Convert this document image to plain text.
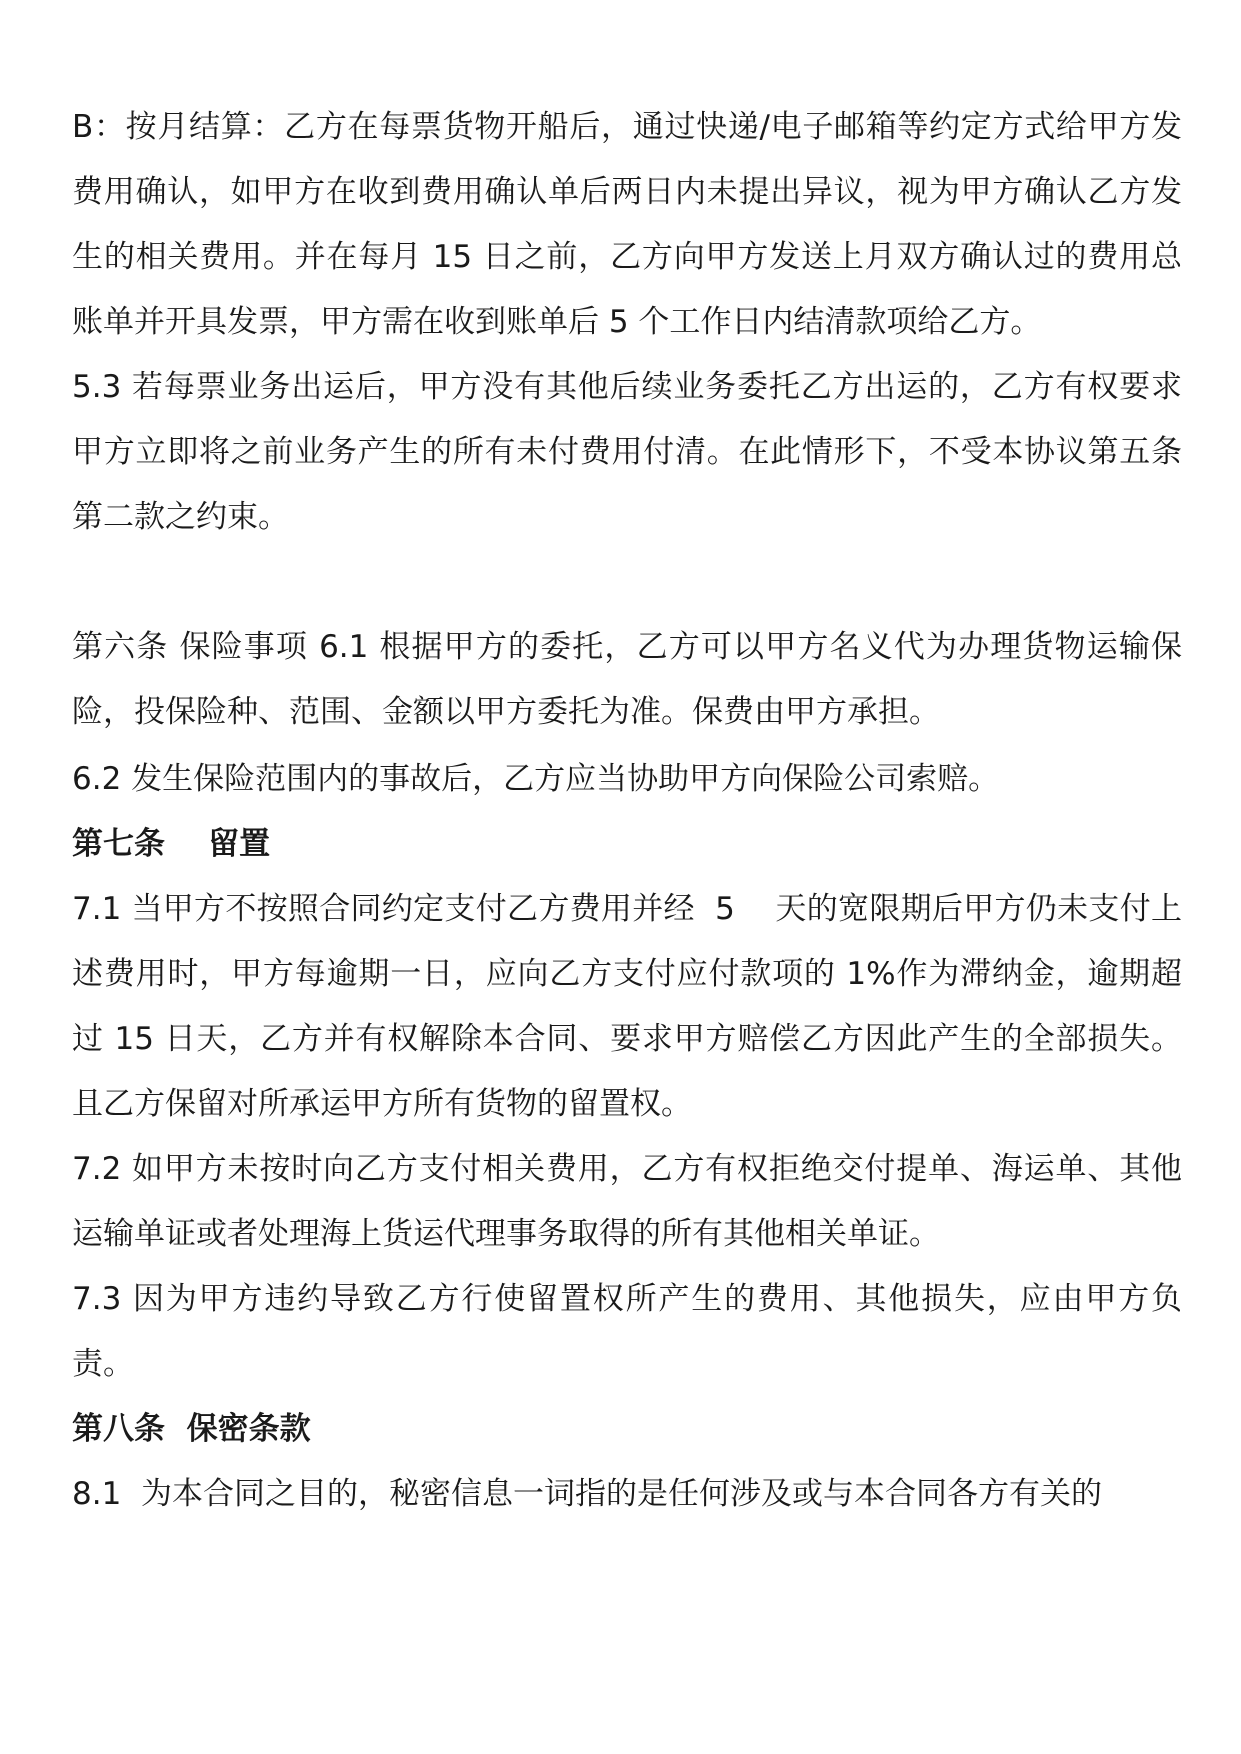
B：按月结算：乙方在每票货物开船后，通过快递/电子邮箱等约定方式给甲方发费用确认，如甲方在收到费用确认单后两日内未提出异议，视为甲方确认乙方发生的相关费用。并在每月 15 日之前，乙方向甲方发送上月双方确认过的费用总账单并开具发票，甲方需在收到账单后 5 个工作日内结清款项给乙方。

5.3 若每票业务出运后，甲方没有其他后续业务委托乙方出运的，乙方有权要求甲方立即将之前业务产生的所有未付费用付清。在此情形下，不受本协议第五条第二款之约束。

第六条 保险事项 6.1 根据甲方的委托，乙方可以甲方名义代为办理货物运输保险，投保险种、范围、金额以甲方委托为准。保费由甲方承担。

6.2 发生保险范围内的事故后，乙方应当协助甲方向保险公司索赔。

第七条    留置

7.1 当甲方不按照合同约定支付乙方费用并经  5    天的宽限期后甲方仍未支付上述费用时，甲方每逾期一日，应向乙方支付应付款项的 1%作为滞纳金，逾期超过 15 日天，乙方并有权解除本合同、要求甲方赔偿乙方因此产生的全部损失。且乙方保留对所承运甲方所有货物的留置权。

7.2 如甲方未按时向乙方支付相关费用，乙方有权拒绝交付提单、海运单、其他运输单证或者处理海上货运代理事务取得的所有其他相关单证。

7.3 因为甲方违约导致乙方行使留置权所产生的费用、其他损失，应由甲方负责。

第八条  保密条款

8.1  为本合同之目的，秘密信息一词指的是任何涉及或与本合同各方有关的
